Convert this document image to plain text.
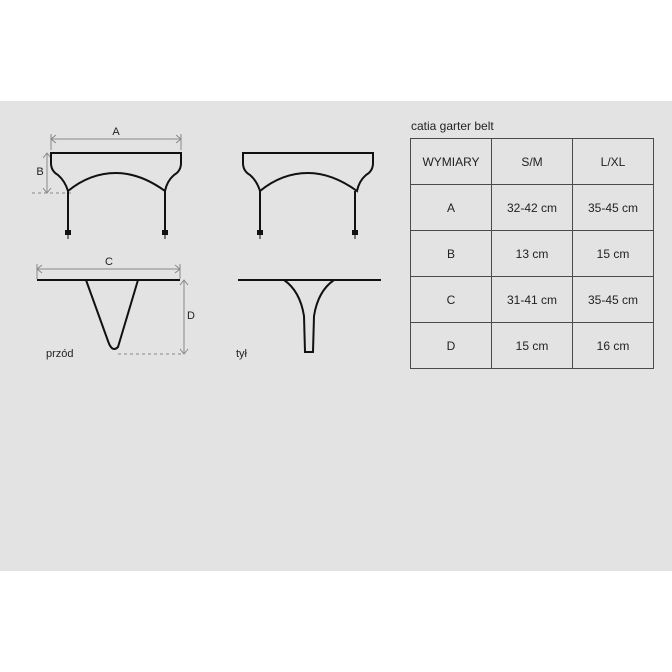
A
B
C
D
przód	tył
catia garter belt
WYMIARY	S/M	L/XL
A	32-42 cm	35-45 cm
B	13 cm	15 cm
C	31-41 cm	35-45 cm
D	15 cm	16 cm
